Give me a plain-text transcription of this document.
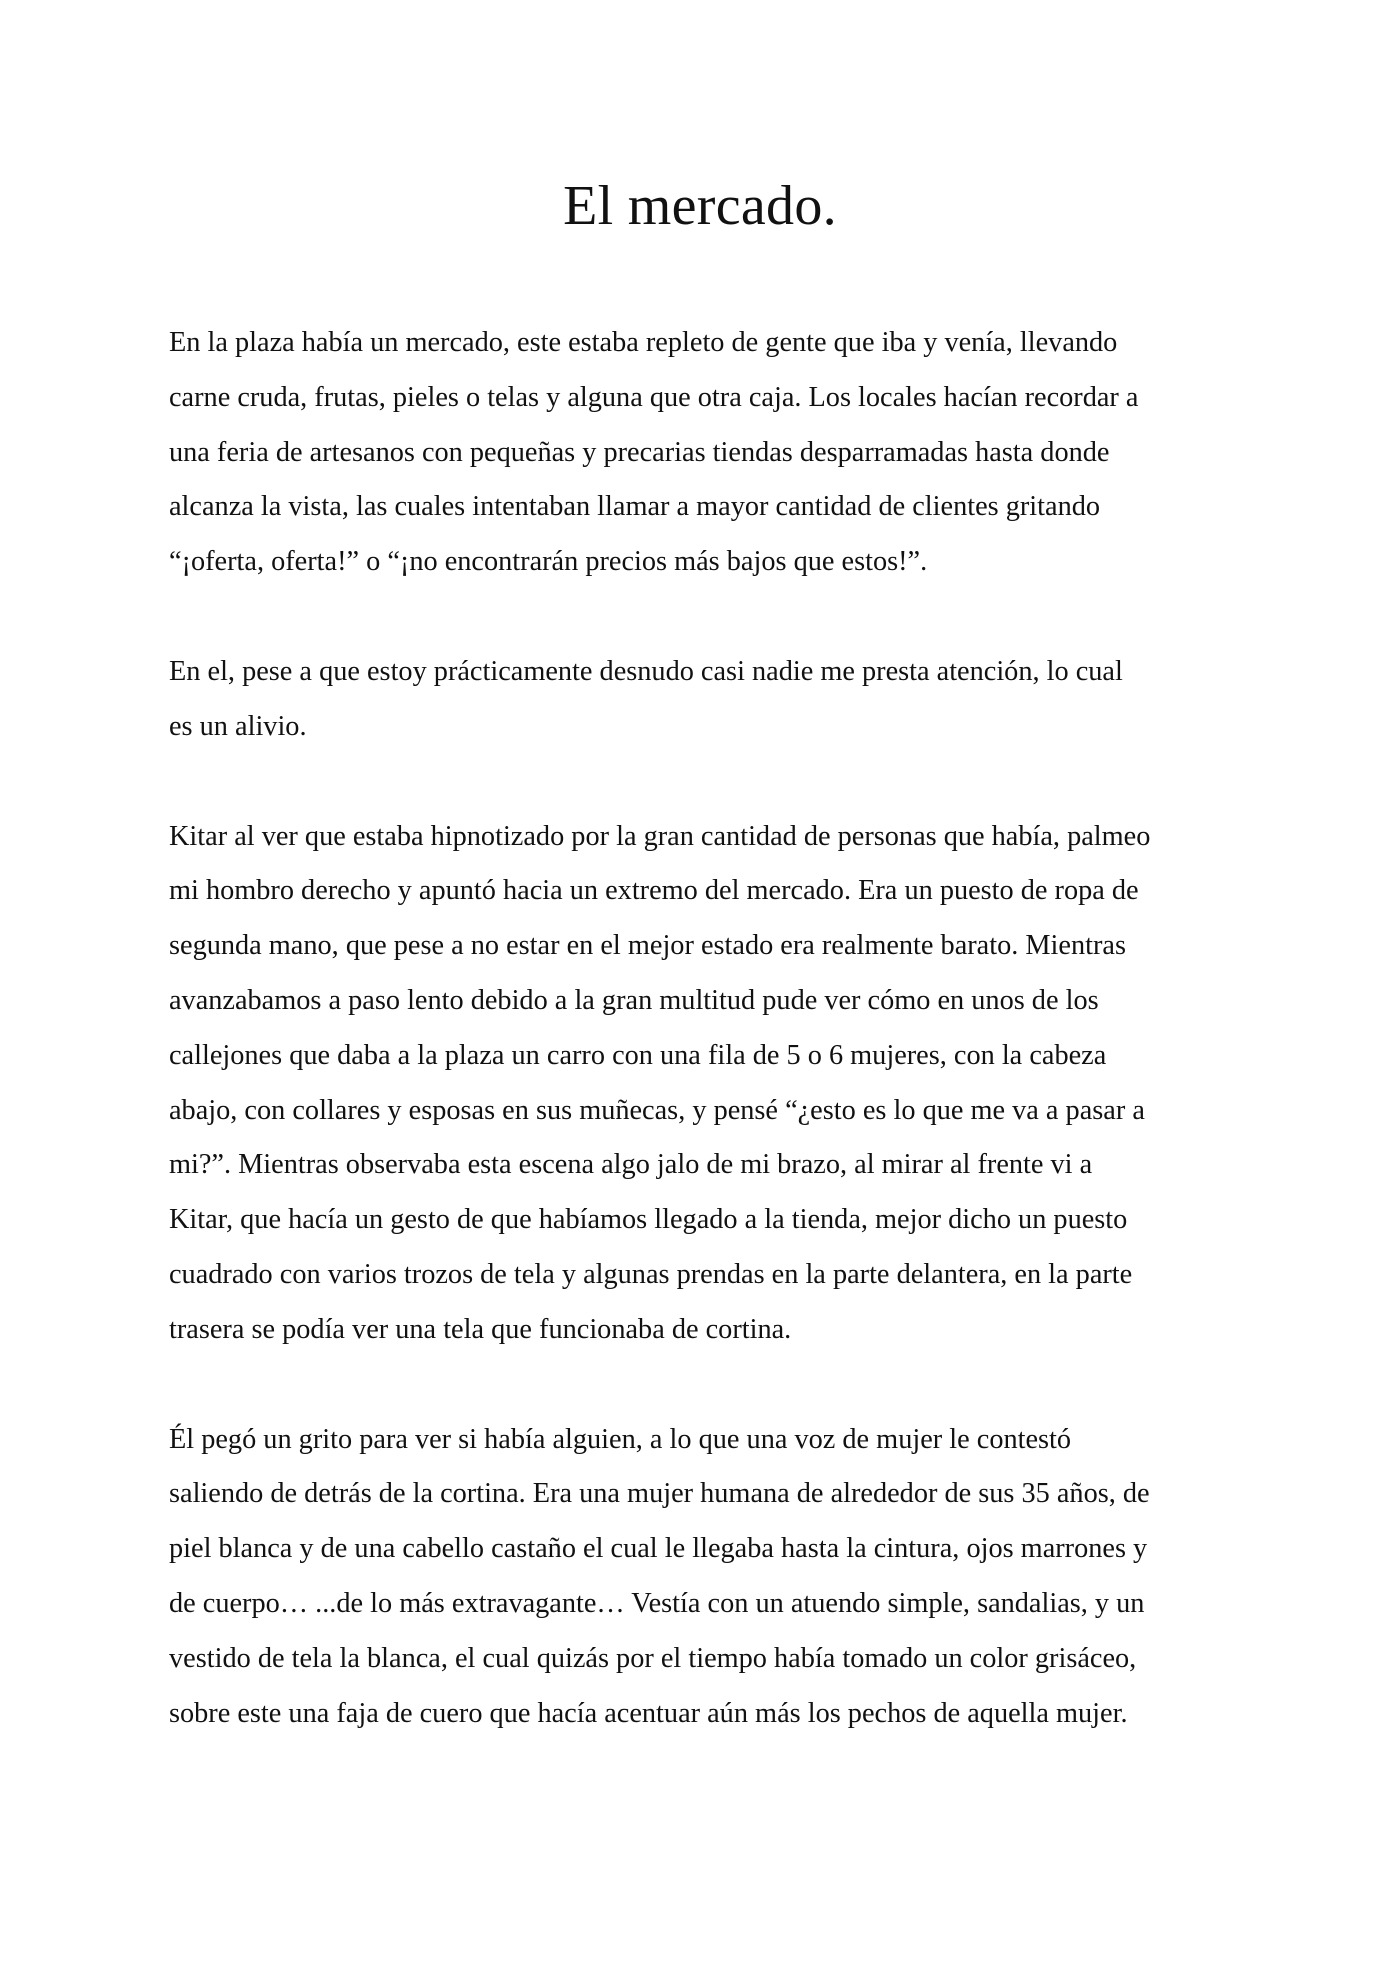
El mercado.

En la plaza había un mercado, este estaba repleto de gente que iba y venía, llevando
carne cruda, frutas, pieles o telas y alguna que otra caja. Los locales hacían recordar a
una feria de artesanos con pequeñas y precarias tiendas desparramadas hasta donde
alcanza la vista, las cuales intentaban llamar a mayor cantidad de clientes gritando
“¡oferta, oferta!” o “¡no encontrarán precios más bajos que estos!”.

En el, pese a que estoy prácticamente desnudo casi nadie me presta atención, lo cual
es un alivio.

Kitar al ver que estaba hipnotizado por la gran cantidad de personas que había, palmeo
mi hombro derecho y apuntó hacia un extremo del mercado. Era un puesto de ropa de
segunda mano, que pese a no estar en el mejor estado era realmente barato. Mientras
avanzabamos a paso lento debido a la gran multitud pude ver cómo en unos de los
callejones que daba a la plaza un carro con una fila de 5 o 6 mujeres, con la cabeza
abajo, con collares y esposas en sus muñecas, y pensé “¿esto es lo que me va a pasar a
mi?”. Mientras observaba esta escena algo jalo de mi brazo, al mirar al frente vi a
Kitar, que hacía un gesto de que habíamos llegado a la tienda, mejor dicho un puesto
cuadrado con varios trozos de tela y algunas prendas en la parte delantera, en la parte
trasera se podía ver una tela que funcionaba de cortina.

Él pegó un grito para ver si había alguien, a lo que una voz de mujer le contestó
saliendo de detrás de la cortina. Era una mujer humana de alrededor de sus 35 años, de
piel blanca y de una cabello castaño el cual le llegaba hasta la cintura, ojos marrones y
de cuerpo… ...de lo más extravagante… Vestía con un atuendo simple, sandalias, y un
vestido de tela la blanca, el cual quizás por el tiempo había tomado un color grisáceo,
sobre este una faja de cuero que hacía acentuar aún más los pechos de aquella mujer.
